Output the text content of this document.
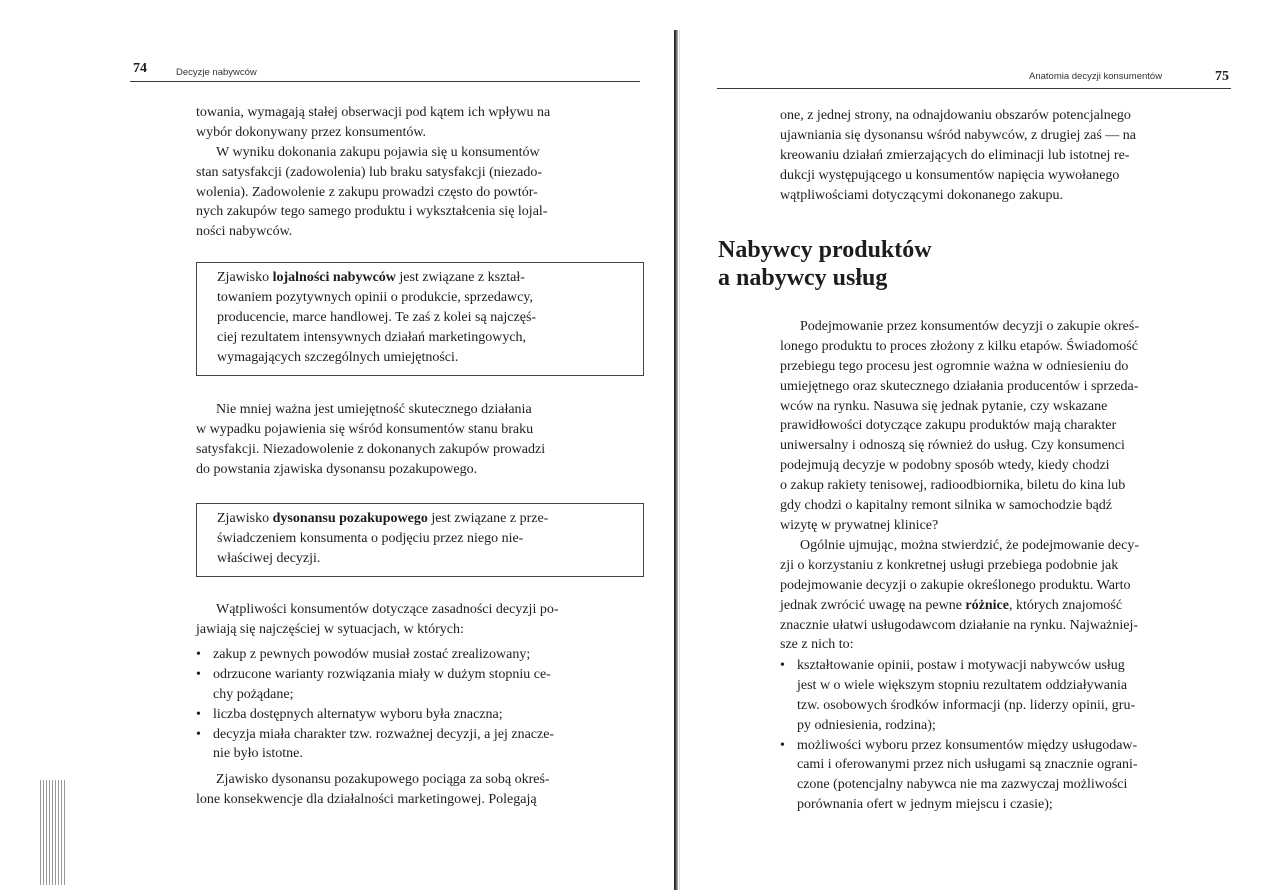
74	Decyzje nabywców
towania, wymagają stałej obserwacji pod kątem ich wpływu na
wybór dokonywany przez konsumentów.
W wyniku dokonania zakupu pojawia się u konsumentów
stan satysfakcji (zadowolenia) lub braku satysfakcji (niezado-
wolenia). Zadowolenie z zakupu prowadzi często do powtór-
nych zakupów tego samego produktu i wykształcenia się lojal-
ności nabywców.
Zjawisko lojalności nabywców jest związane z kształ-
towaniem pozytywnych opinii o produkcie, sprzedawcy,
producencie, marce handlowej. Te zaś z kolei są najczęś-
ciej rezultatem intensywnych działań marketingowych,
wymagających szczególnych umiejętności.
Nie mniej ważna jest umiejętność skutecznego działania
w wypadku pojawienia się wśród konsumentów stanu braku
satysfakcji. Niezadowolenie z dokonanych zakupów prowadzi
do powstania zjawiska dysonansu pozakupowego.
Zjawisko dysonansu pozakupowego jest związane z prze-
świadczeniem konsumenta o podjęciu przez niego nie-
właściwej decyzji.
Wątpliwości konsumentów dotyczące zasadności decyzji po-
jawiają się najczęściej w sytuacjach, w których:
• zakup z pewnych powodów musiał zostać zrealizowany;
• odrzucone warianty rozwiązania miały w dużym stopniu ce-
chy pożądane;
• liczba dostępnych alternatyw wyboru była znaczna;
• decyzja miała charakter tzw. rozważnej decyzji, a jej znacze-
nie było istotne.
Zjawisko dysonansu pozakupowego pociąga za sobą okreś-
lone konsekwencje dla działalności marketingowej. Polegają
Anatomia decyzji konsumentów	75
one, z jednej strony, na odnajdowaniu obszarów potencjalnego
ujawniania się dysonansu wśród nabywców, z drugiej zaś — na
kreowaniu działań zmierzających do eliminacji lub istotnej re-
dukcji występującego u konsumentów napięcia wywołanego
wątpliwościami dotyczącymi dokonanego zakupu.
Nabywcy produktów
a nabywcy usług
Podejmowanie przez konsumentów decyzji o zakupie okreś-
lonego produktu to proces złożony z kilku etapów. Świadomość
przebiegu tego procesu jest ogromnie ważna w odniesieniu do
umiejętnego oraz skutecznego działania producentów i sprzeda-
wców na rynku. Nasuwa się jednak pytanie, czy wskazane
prawidłowości dotyczące zakupu produktów mają charakter
uniwersalny i odnoszą się również do usług. Czy konsumenci
podejmują decyzje w podobny sposób wtedy, kiedy chodzi
o zakup rakiety tenisowej, radioodbiornika, biletu do kina lub
gdy chodzi o kapitalny remont silnika w samochodzie bądź
wizytę w prywatnej klinice?
Ogólnie ujmując, można stwierdzić, że podejmowanie decy-
zji o korzystaniu z konkretnej usługi przebiega podobnie jak
podejmowanie decyzji o zakupie określonego produktu. Warto
jednak zwrócić uwagę na pewne różnice, których znajomość
znacznie ułatwi usługodawcom działanie na rynku. Najważniej-
sze z nich to:
• kształtowanie opinii, postaw i motywacji nabywców usług
jest w o wiele większym stopniu rezultatem oddziaływania
tzw. osobowych środków informacji (np. liderzy opinii, gru-
py odniesienia, rodzina);
• możliwości wyboru przez konsumentów między usługodaw-
cami i oferowanymi przez nich usługami są znacznie ograni-
czone (potencjalny nabywca nie ma zazwyczaj możliwości
porównania ofert w jednym miejscu i czasie);
